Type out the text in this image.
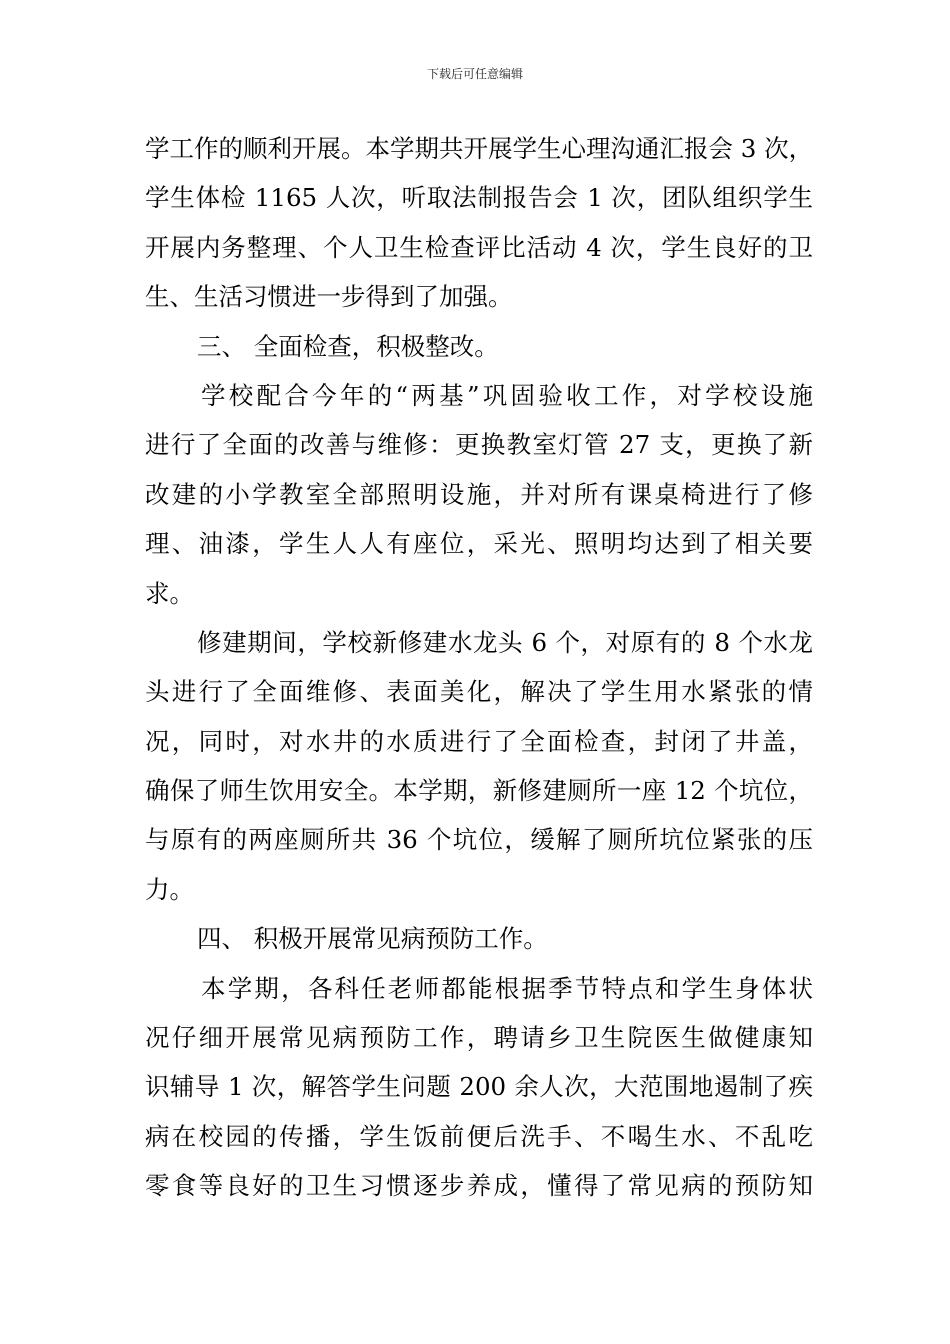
下载后可任意编辑
学工作的顺利开展。本学期共开展学生心理沟通汇报会 3 次，
学生体检 1165 人次，听取法制报告会 1 次，团队组织学生
开展内务整理、个人卫生检查评比活动 4 次，学生良好的卫
生、生活习惯进一步得到了加强。
三、 全面检查，积极整改。
学校配合今年的“两基”巩固验收工作，对学校设施
进行了全面的改善与维修：更换教室灯管 27 支，更换了新
改建的小学教室全部照明设施，并对所有课桌椅进行了修
理、油漆，学生人人有座位，采光、照明均达到了相关要
求。
修建期间，学校新修建水龙头 6 个，对原有的 8 个水龙
头进行了全面维修、表面美化，解决了学生用水紧张的情
况，同时，对水井的水质进行了全面检查，封闭了井盖，
确保了师生饮用安全。本学期，新修建厕所一座 12 个坑位，
与原有的两座厕所共 36 个坑位，缓解了厕所坑位紧张的压
力。
四、 积极开展常见病预防工作。
本学期，各科任老师都能根据季节特点和学生身体状
况仔细开展常见病预防工作，聘请乡卫生院医生做健康知
识辅导 1 次，解答学生问题 200 余人次，大范围地遏制了疾
病在校园的传播，学生饭前便后洗手、不喝生水、不乱吃
零食等良好的卫生习惯逐步养成，懂得了常见病的预防知
